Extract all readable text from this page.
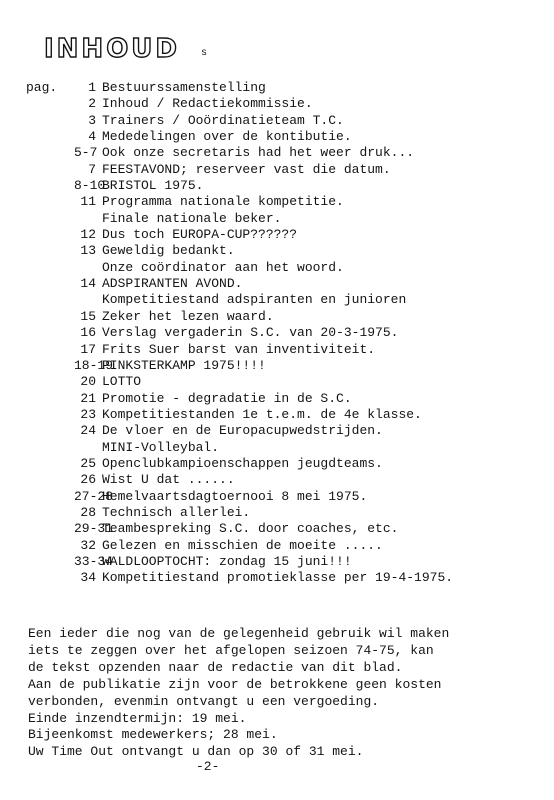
INHOUD s
pag.	1 Bestuurssamenstelling
2 Inhoud / Redactiekommissie.
3 Trainers / Ooördinatieteam T.C.
4 Mededelingen over de kontibutie.
5-7 Ook onze secretaris had het weer druk...
7 FEESTAVOND; reserveer vast die datum.
8-10
BRISTOL 1975.
11 Programma nationale kompetitie.
Finale nationale beker.
12 Dus toch EUROPA-CUP??????
13 Geweldig bedankt.
Onze coördinator aan het woord.
14 ADSPIRANTEN AVOND.
Kompetitiestand adspiranten en junioren
15 Zeker het lezen waard.
16 Verslag vergaderin S.C. van 20-3-1975.
17 Frits Suer barst van inventiviteit.
18-19
PINKSTERKAMP 1975!!!!
20 LOTTO
21 Promotie - degradatie in de S.C.
23 Kompetitiestanden 1e t.e.m. de 4e klasse.
24 De vloer en de Europacupwedstrijden.
MINI-Volleybal.
25 Openclubkampioenschappen jeugdteams.
26 Wist U dat ......
27-28
Hemelvaartsdagtoernooi 8 mei 1975.
28 Technisch allerlei.
29-31
Teambespreking S.C. door coaches, etc.
32 Gelezen en misschien de moeite .....
33-34
WALDLOOPTOCHT: zondag 15 juni!!!
34 Kompetitiestand promotieklasse per 19-4-1975.
Een ieder die nog van de gelegenheid gebruik wil maken
iets te zeggen over het afgelopen seizoen 74-75, kan
de tekst opzenden naar de redactie van dit blad.
Aan de publikatie zijn voor de betrokkene geen kosten
verbonden, evenmin ontvangt u een vergoeding.
Einde inzendtermijn: 19 mei.
Bijeenkomst medewerkers; 28 mei.
Uw Time Out ontvangt u dan op 30 of 31 mei.
-2-
